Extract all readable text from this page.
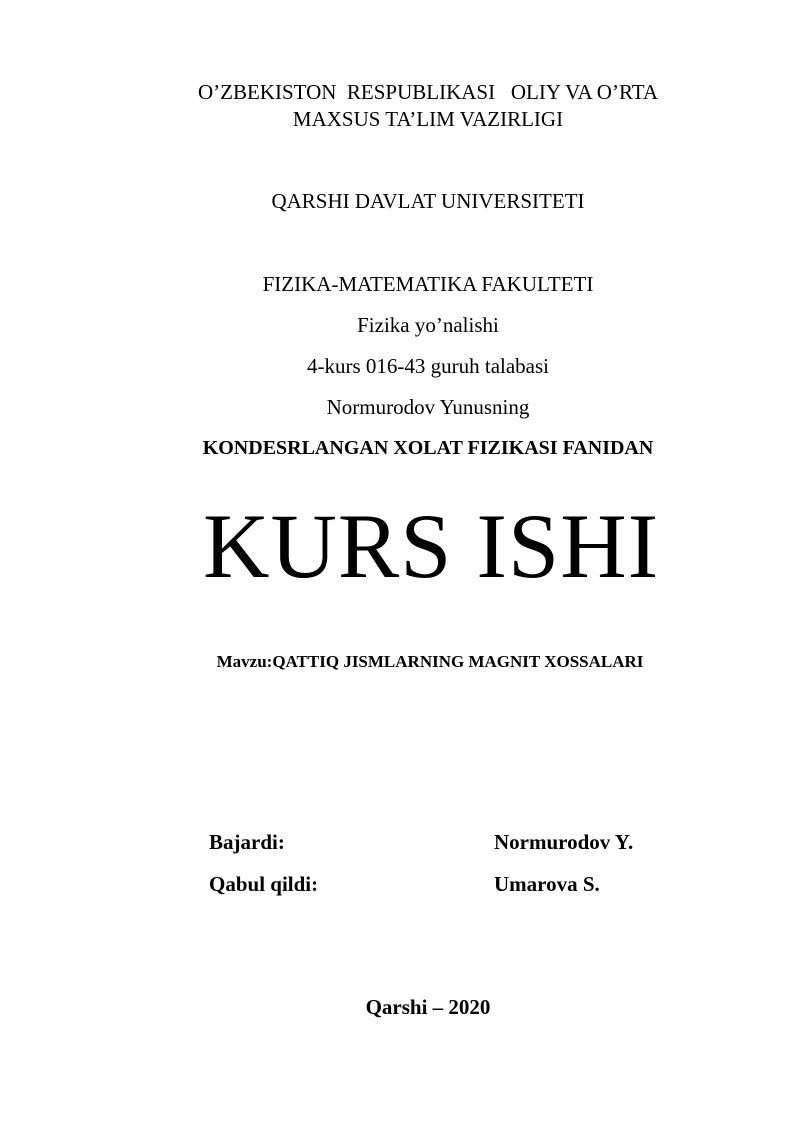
O’ZBEKISTON  RESPUBLIKASI   OLIY VA O’RTA
MAXSUS TA’LIM VAZIRLIGI
QARSHI DAVLAT UNIVERSITETI
FIZIKA-MATEMATIKA FAKULTETI
Fizika yo’nalishi
4-kurs 016-43 guruh talabasi
Normurodov Yunusning
KONDESRLANGAN XOLAT FIZIKASI FANIDAN
KURS ISHI
Mavzu:QATTIQ JISMLARNING MAGNIT XOSSALARI
Bajardi:	Normurodov Y.
Qabul qildi:	Umarova S.
Qarshi – 2020
